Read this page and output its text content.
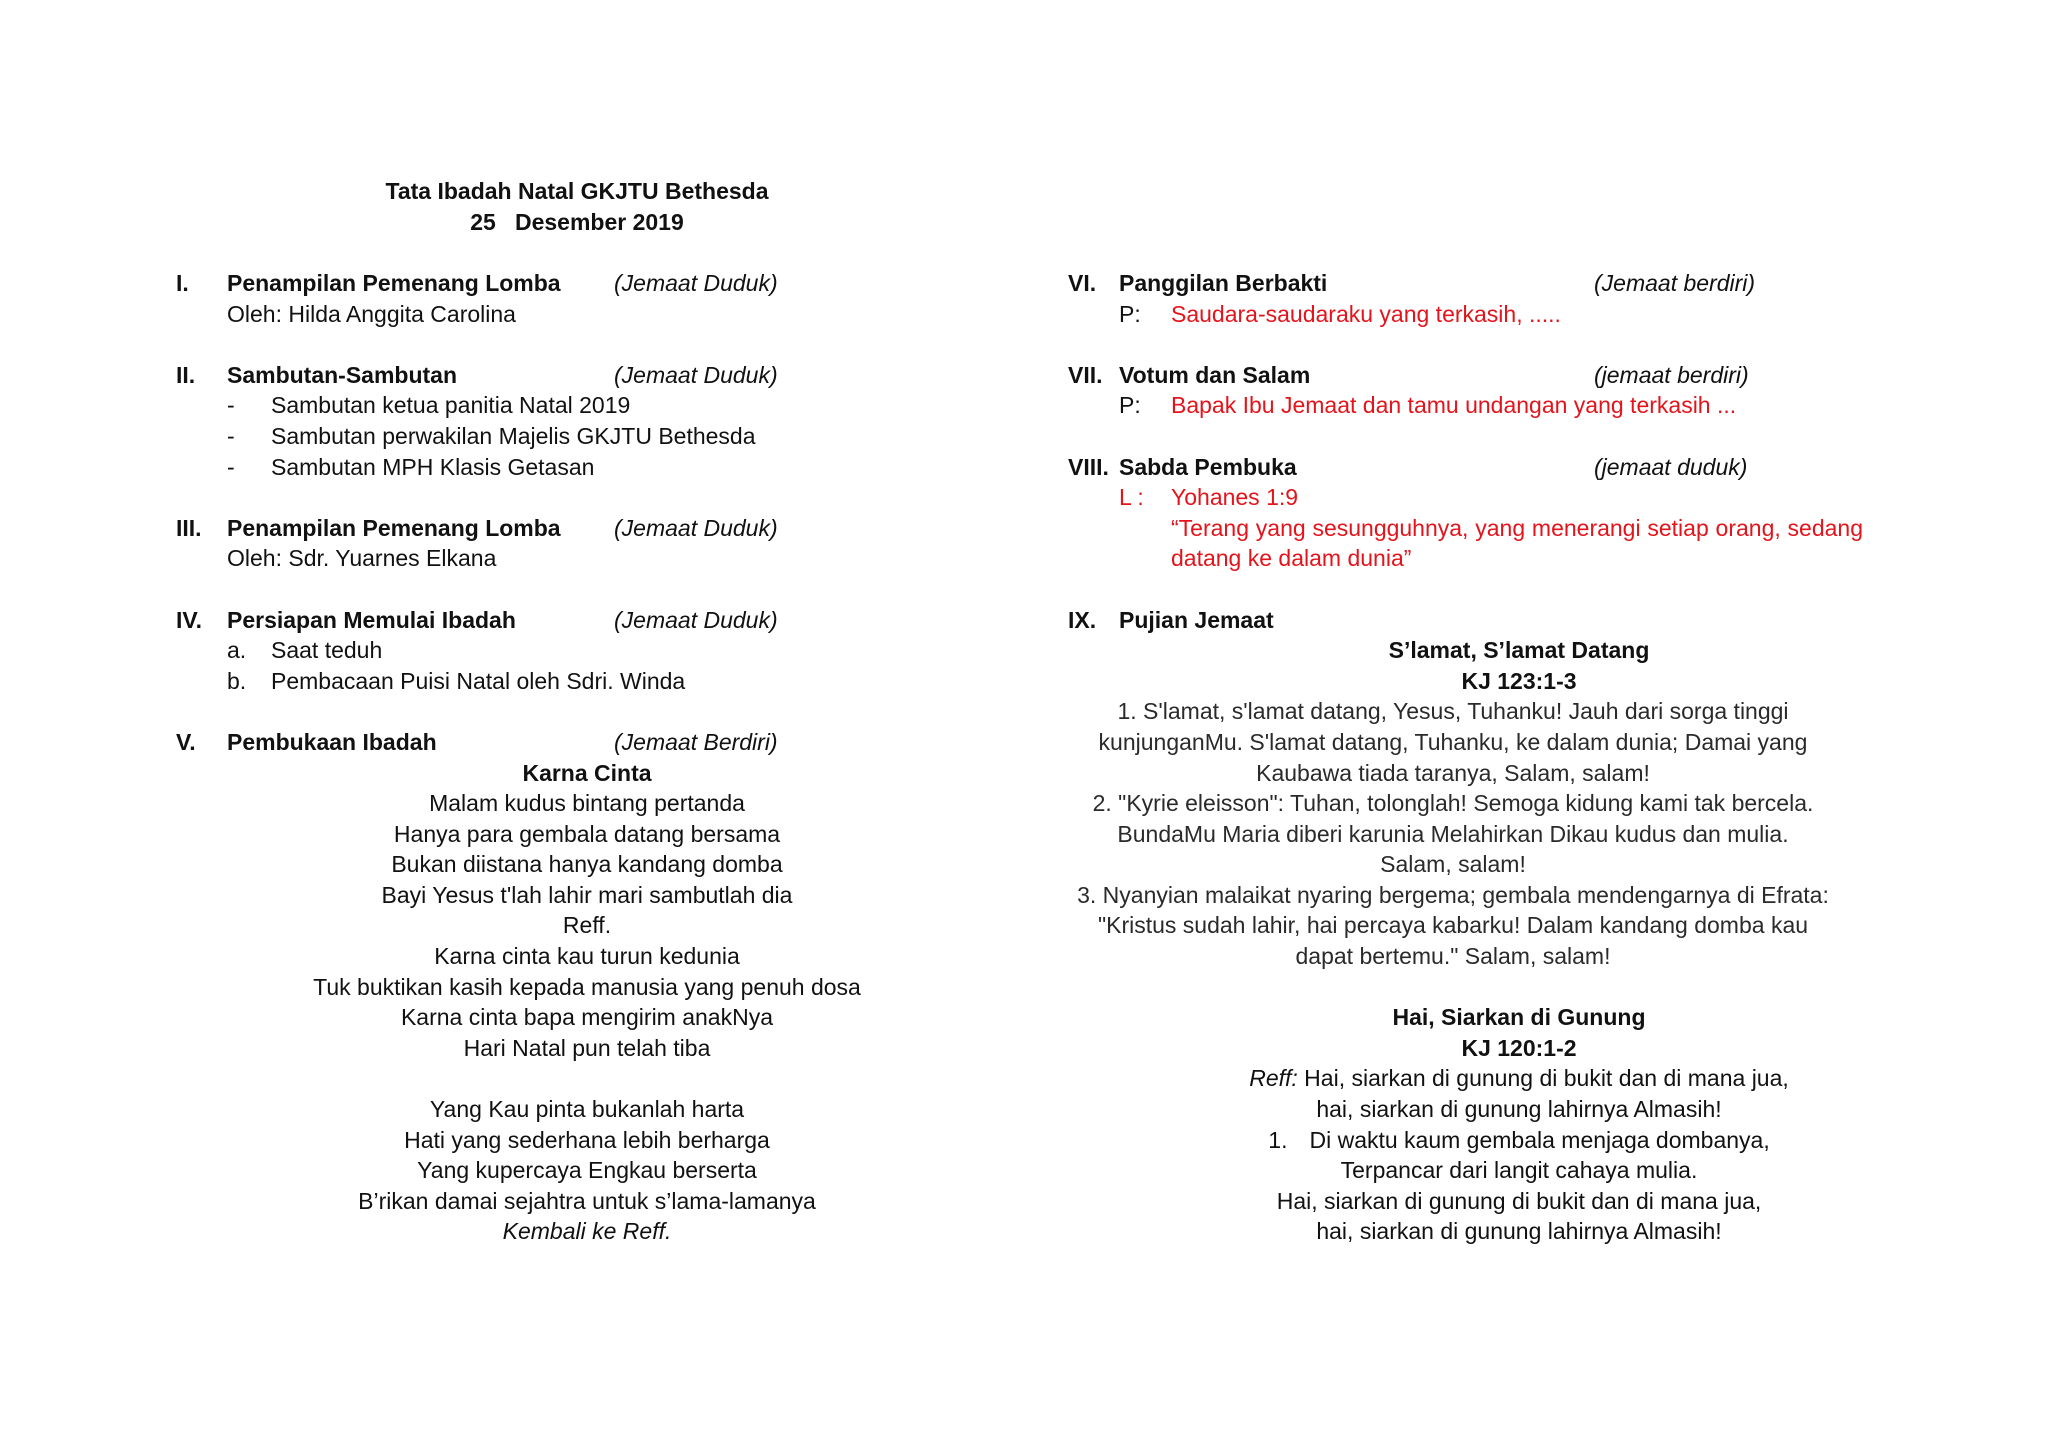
Tata Ibadah Natal GKJTU Bethesda
25   Desember 2019
I. Penampilan Pemenang Lomba (Jemaat Duduk)
Oleh: Hilda Anggita Carolina
II. Sambutan-Sambutan	(Jemaat Duduk)
- Sambutan ketua panitia Natal 2019
- Sambutan perwakilan Majelis GKJTU Bethesda
- Sambutan MPH Klasis Getasan
III. Penampilan Pemenang Lomba (Jemaat Duduk)
Oleh: Sdr. Yuarnes Elkana
IV. Persiapan Memulai Ibadah	(Jemaat Duduk)
a. Saat teduh
b. Pembacaan Puisi Natal oleh Sdri. Winda
V. Pembukaan Ibadah	(Jemaat Berdiri)
Karna Cinta
Malam kudus bintang pertanda
Hanya para gembala datang bersama
Bukan diistana hanya kandang domba
Bayi Yesus t'lah lahir mari sambutlah dia
Reff.
Karna cinta kau turun kedunia
Tuk buktikan kasih kepada manusia yang penuh dosa
Karna cinta bapa mengirim anakNya
Hari Natal pun telah tiba
Yang Kau pinta bukanlah harta
Hati yang sederhana lebih berharga
Yang kupercaya Engkau berserta
B’rikan damai sejahtra untuk s’lama-lamanya
Kembali ke Reff.
VI. Panggilan Berbakti	(Jemaat berdiri)
P: Saudara-saudaraku yang terkasih, .....
VII. Votum dan Salam	(jemaat berdiri)
P: Bapak Ibu Jemaat dan tamu undangan yang terkasih ...
VIII. Sabda Pembuka	(jemaat duduk)
L : Yohanes 1:9
“Terang yang sesungguhnya, yang menerangi setiap orang, sedang datang ke dalam dunia”
IX. Pujian Jemaat
S’lamat, S’lamat Datang
KJ 123:1-3
1. S'lamat, s'lamat datang, Yesus, Tuhanku! Jauh dari sorga tinggi
kunjunganMu. S'lamat datang, Tuhanku, ke dalam dunia; Damai yang
Kaubawa tiada taranya, Salam, salam!
2. "Kyrie eleisson": Tuhan, tolonglah! Semoga kidung kami tak bercela.
BundaMu Maria diberi karunia Melahirkan Dikau kudus dan mulia.
Salam, salam!
3. Nyanyian malaikat nyaring bergema; gembala mendengarnya di Efrata:
"Kristus sudah lahir, hai percaya kabarku! Dalam kandang domba kau
dapat bertemu." Salam, salam!
Hai, Siarkan di Gunung
KJ 120:1-2
Reff: Hai, siarkan di gunung di bukit dan di mana jua,
hai, siarkan di gunung lahirnya Almasih!
1. Di waktu kaum gembala menjaga dombanya,
Terpancar dari langit cahaya mulia.
Hai, siarkan di gunung di bukit dan di mana jua,
hai, siarkan di gunung lahirnya Almasih!
